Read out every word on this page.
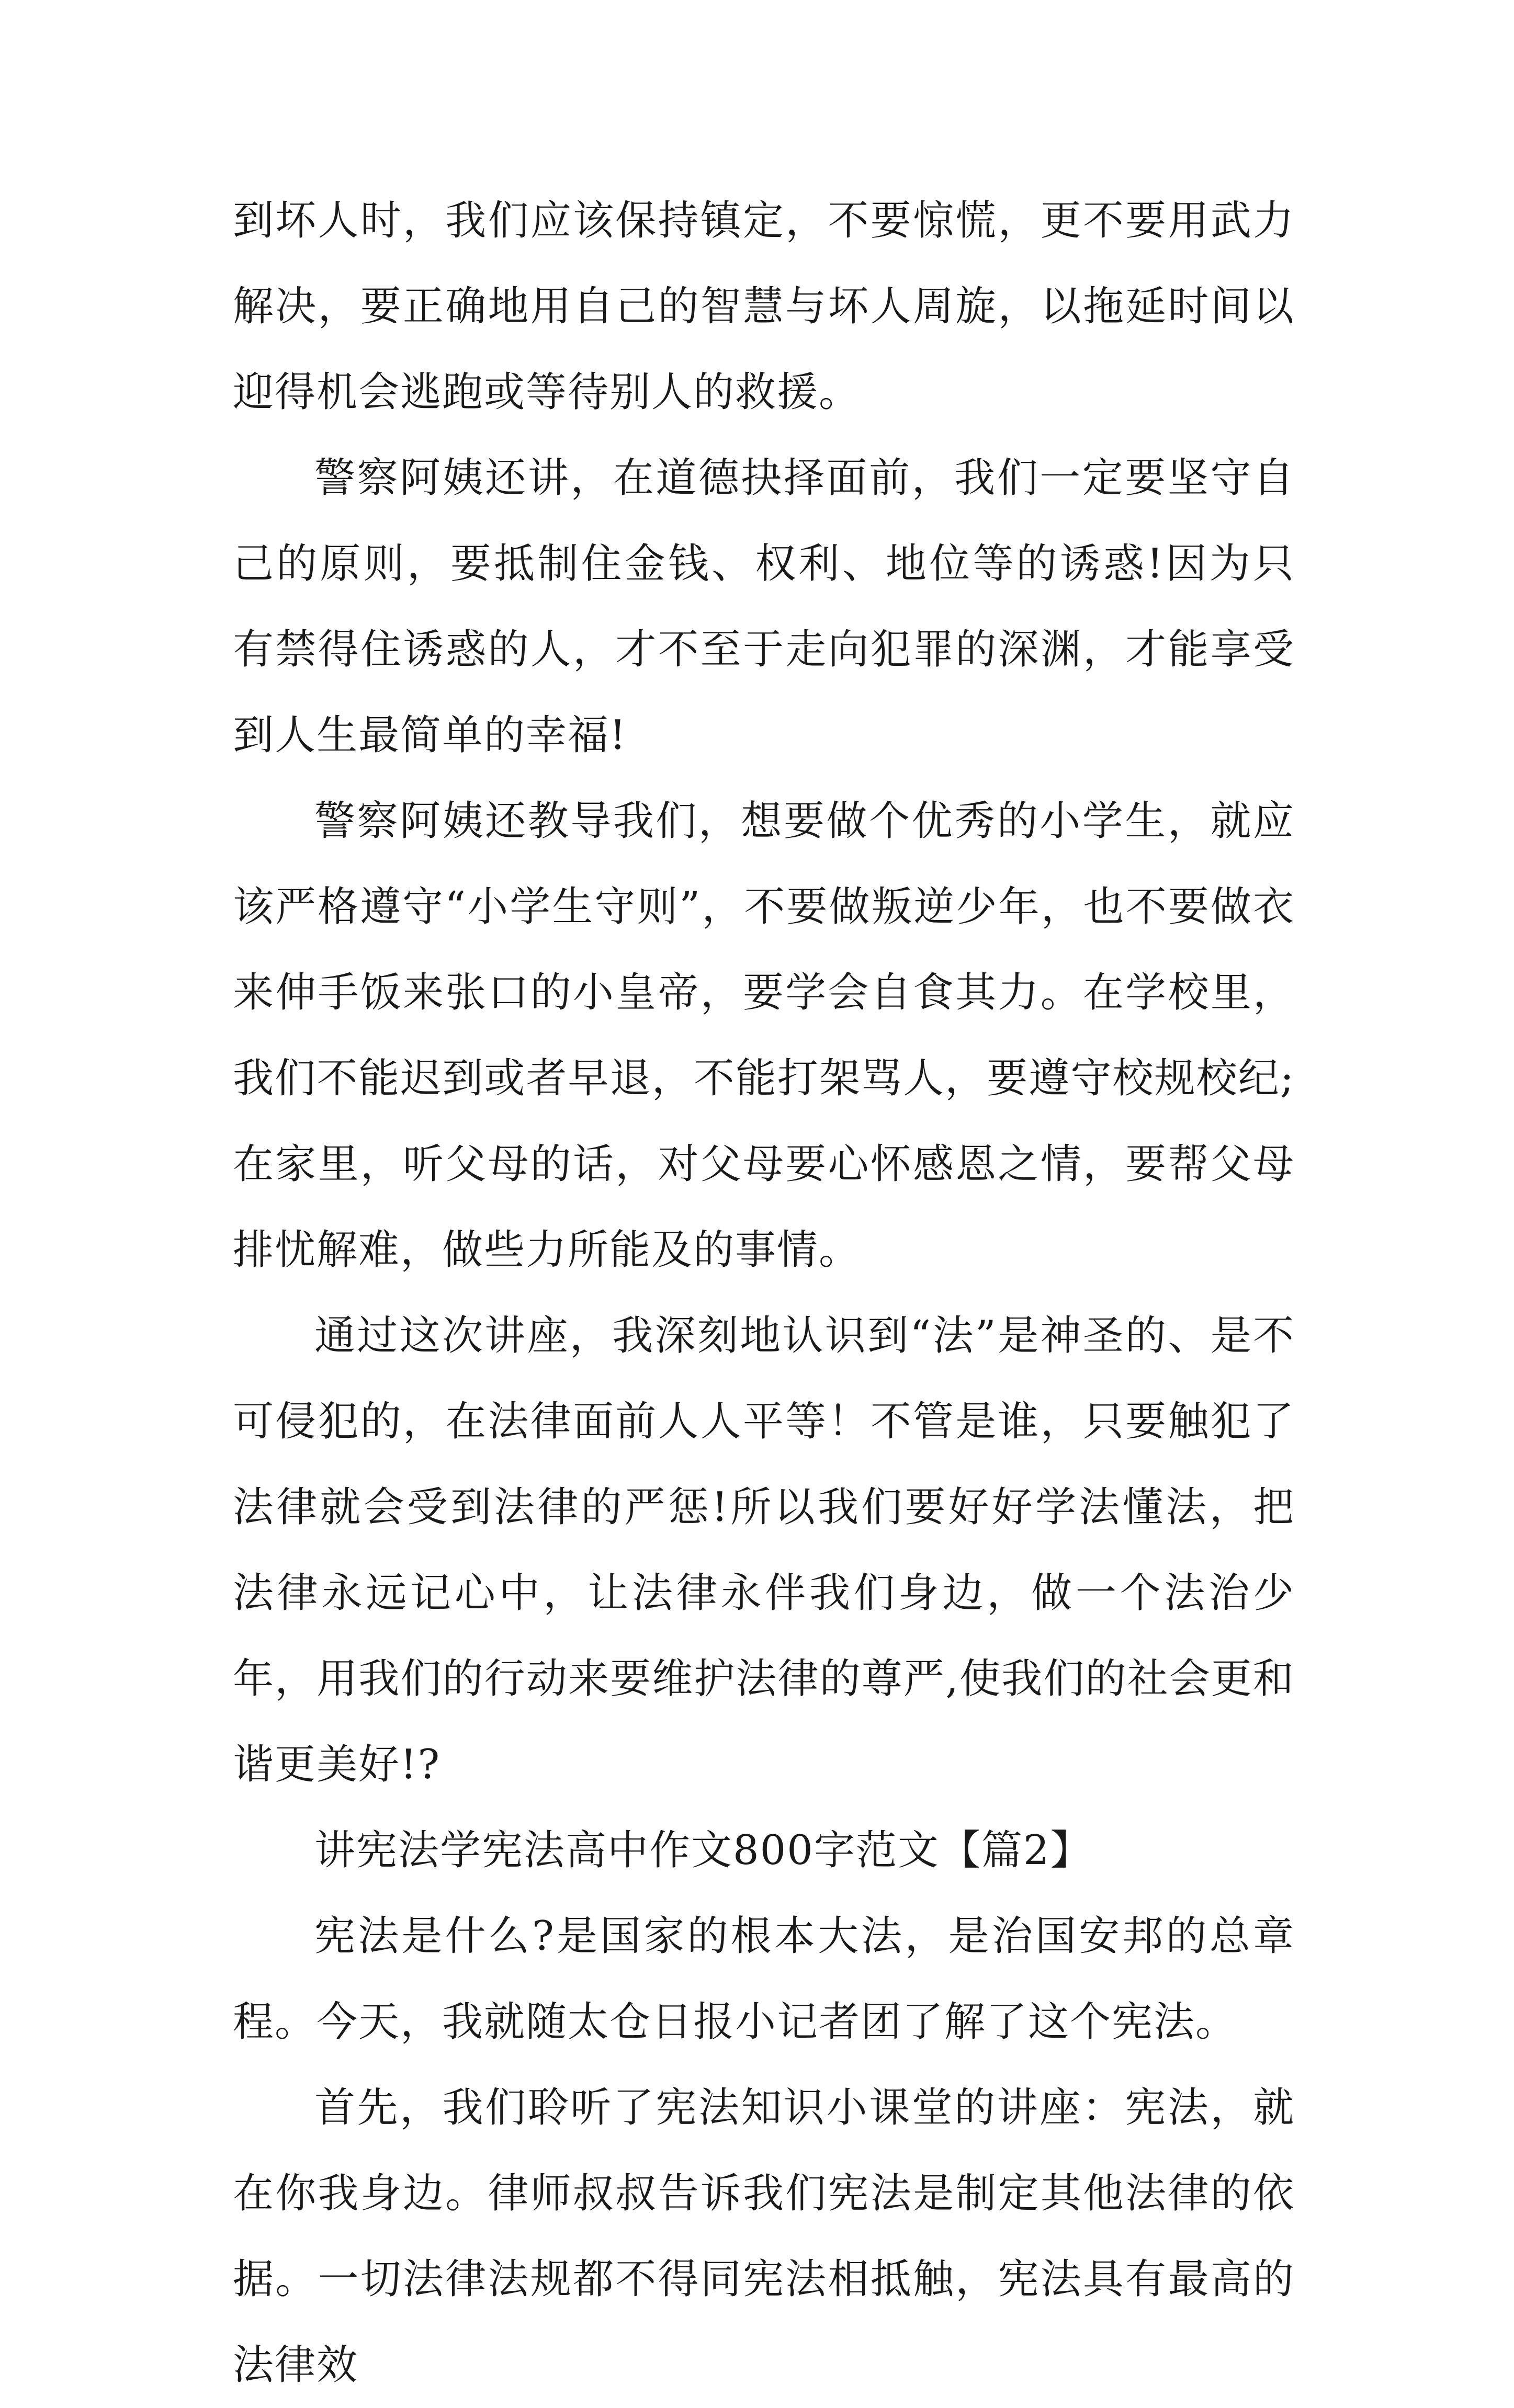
到坏人时，我们应该保持镇定，不要惊慌，更不要用武力解决，要正确地用自己的智慧与坏人周旋，以拖延时间以迎得机会逃跑或等待别人的救援。

警察阿姨还讲，在道德抉择面前，我们一定要坚守自己的原则，要抵制住金钱、权利、地位等的诱惑!因为只有禁得住诱惑的人，才不至于走向犯罪的深渊，才能享受到人生最简单的幸福!

警察阿姨还教导我们，想要做个优秀的小学生，就应该严格遵守“小学生守则”，不要做叛逆少年，也不要做衣来伸手饭来张口的小皇帝，要学会自食其力。在学校里，我们不能迟到或者早退，不能打架骂人，要遵守校规校纪;在家里，听父母的话，对父母要心怀感恩之情，要帮父母排忧解难，做些力所能及的事情。

通过这次讲座，我深刻地认识到“法”是神圣的、是不可侵犯的，在法律面前人人平等！不管是谁，只要触犯了法律就会受到法律的严惩!所以我们要好好学法懂法，把法律永远记心中，让法律永伴我们身边，做一个法治少年，用我们的行动来要维护法律的尊严,使我们的社会更和谐更美好!?

讲宪法学宪法高中作文800字范文【篇2】

宪法是什么?是国家的根本大法，是治国安邦的总章程。今天，我就随太仓日报小记者团了解了这个宪法。

首先，我们聆听了宪法知识小课堂的讲座：宪法，就在你我身边。律师叔叔告诉我们宪法是制定其他法律的依据。一切法律法规都不得同宪法相抵触，宪法具有最高的法律效
